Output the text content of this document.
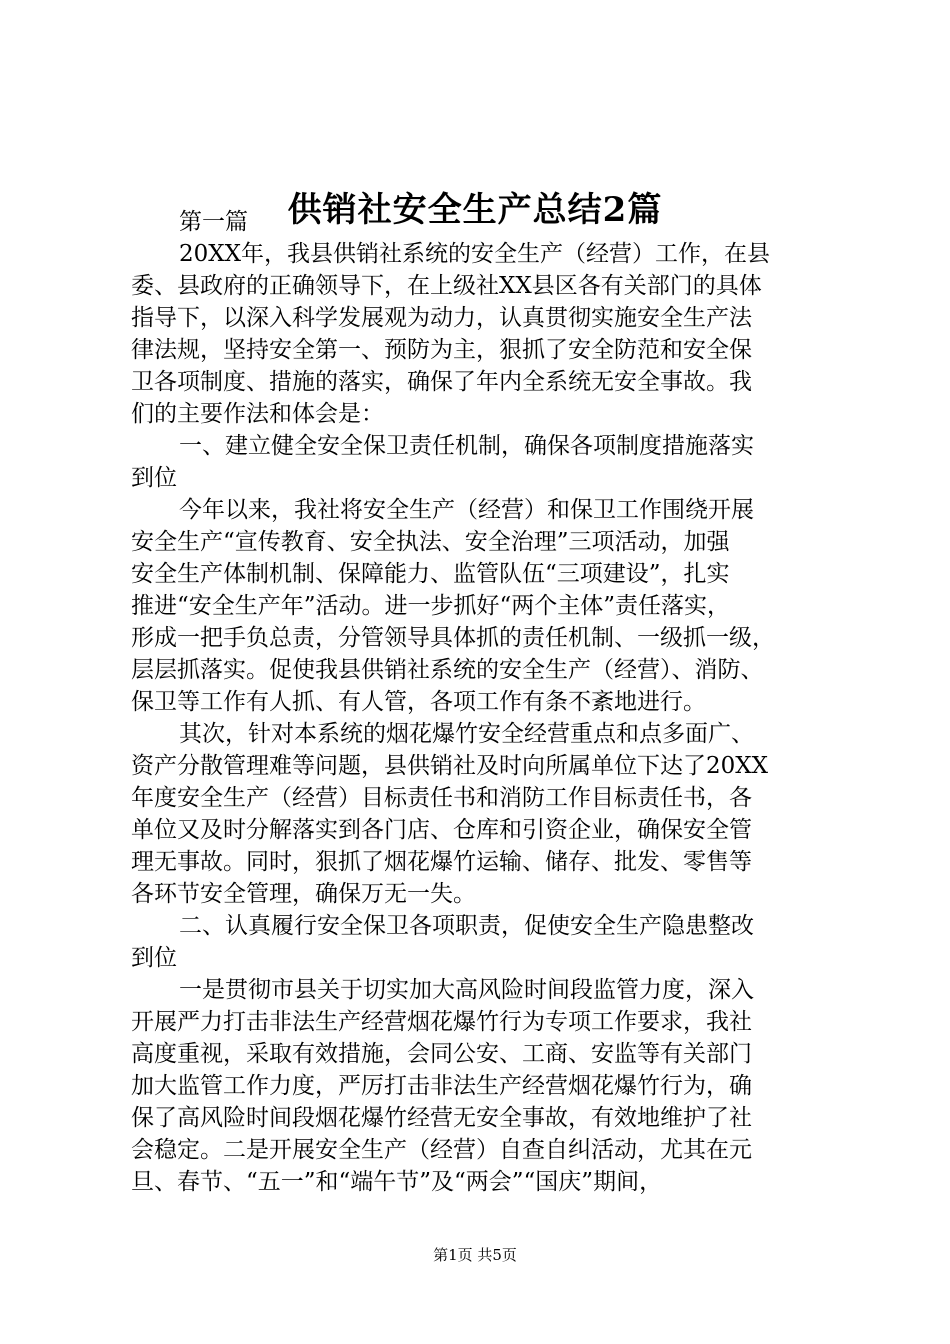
供销社安全生产总结2篇
第一篇
20XX年，我县供销社系统的安全生产（经营）工作，在县
委、县政府的正确领导下，在上级社XX县区各有关部门的具体
指导下，以深入科学发展观为动力，认真贯彻实施安全生产法
律法规，坚持安全第一、预防为主，狠抓了安全防范和安全保
卫各项制度、措施的落实，确保了年内全系统无安全事故。我
们的主要作法和体会是：
一、建立健全安全保卫责任机制，确保各项制度措施落实
到位
今年以来，我社将安全生产（经营）和保卫工作围绕开展
安全生产“宣传教育、安全执法、安全治理”三项活动，加强
安全生产体制机制、保障能力、监管队伍“三项建设”，扎实
推进“安全生产年”活动。进一步抓好“两个主体”责任落实，
形成一把手负总责，分管领导具体抓的责任机制、一级抓一级，
层层抓落实。促使我县供销社系统的安全生产（经营）、消防、
保卫等工作有人抓、有人管，各项工作有条不紊地进行。
其次，针对本系统的烟花爆竹安全经营重点和点多面广、
资产分散管理难等问题，县供销社及时向所属单位下达了20XX
年度安全生产（经营）目标责任书和消防工作目标责任书，各
单位又及时分解落实到各门店、仓库和引资企业，确保安全管
理无事故。同时，狠抓了烟花爆竹运输、储存、批发、零售等
各环节安全管理，确保万无一失。
二、认真履行安全保卫各项职责，促使安全生产隐患整改
到位
一是贯彻市县关于切实加大高风险时间段监管力度，深入
开展严力打击非法生产经营烟花爆竹行为专项工作要求，我社
高度重视，采取有效措施，会同公安、工商、安监等有关部门
加大监管工作力度，严厉打击非法生产经营烟花爆竹行为，确
保了高风险时间段烟花爆竹经营无安全事故，有效地维护了社
会稳定。二是开展安全生产（经营）自查自纠活动，尤其在元
旦、春节、“五一”和“端午节”及“两会”“国庆”期间，
第1页 共5页
